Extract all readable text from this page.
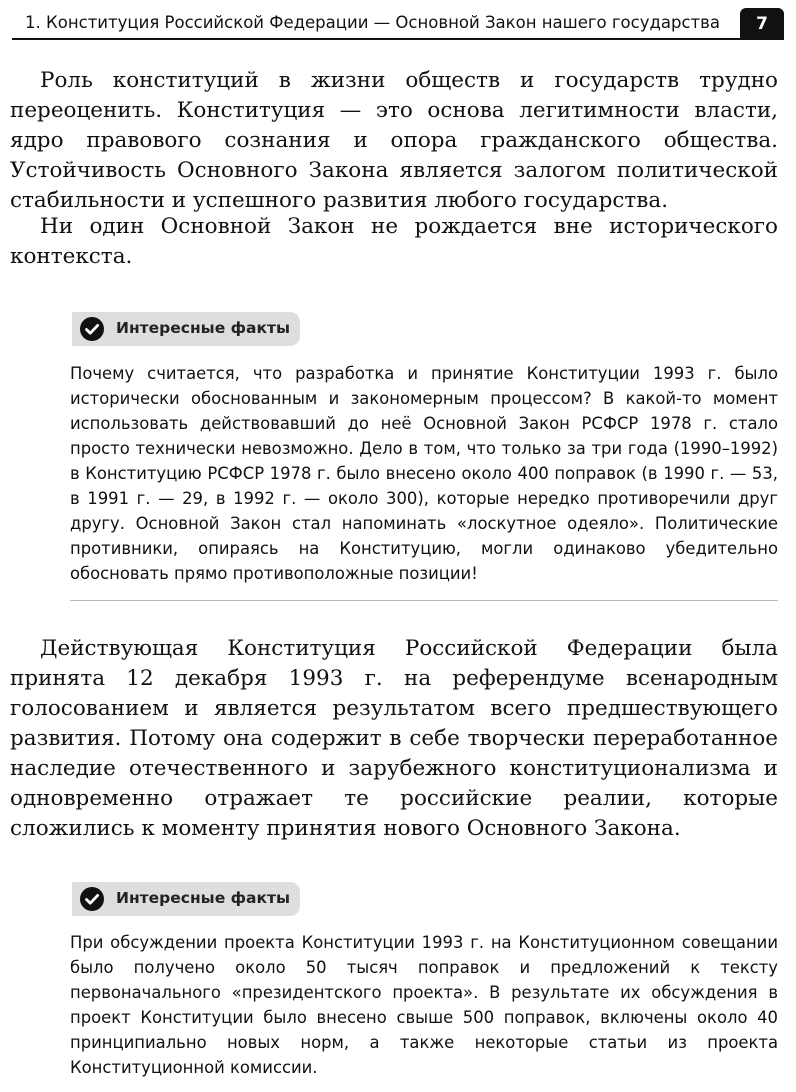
1. Конституция Российской Федерации — Основной Закон нашего государства	7

Роль конституций в жизни обществ и государств трудно переоценить. Конституция — это основа легитимности власти, ядро правового сознания и опора гражданского общества. Устойчивость Основного Закона является залогом политической стабильности и успешного развития любого государства.

Ни один Основной Закон не рождается вне исторического контекста.

Интересные факты

Почему считается, что разработка и принятие Конституции 1993 г. было исторически обоснованным и закономерным процессом? В какой-то момент использовать действовавший до неё Основной Закон РСФСР 1978 г. стало просто технически невозможно. Дело в том, что только за три года (1990–1992) в Конституцию РСФСР 1978 г. было внесено около 400 поправок (в 1990 г. — 53, в 1991 г. — 29, в 1992 г. — около 300), которые нередко противоречили друг другу. Основной Закон стал напоминать «лоскутное одеяло». Политические противники, опираясь на Конституцию, могли одинаково убедительно обосновать прямо противоположные позиции!

Действующая Конституция Российской Федерации была принята 12 декабря 1993 г. на референдуме всенародным голосованием и является результатом всего предшествующего развития. Потому она содержит в себе творчески переработанное наследие отечественного и зарубежного конституционализма и одновременно отражает те российские реалии, которые сложились к моменту принятия нового Основного Закона.

Интересные факты

При обсуждении проекта Конституции 1993 г. на Конституционном совещании было получено около 50 тысяч поправок и предложений к тексту первоначального «президентского проекта». В результате их обсуждения в проект Конституции было внесено свыше 500 поправок, включены около 40 принципиально новых норм, а также некоторые статьи из проекта Конституционной комиссии.
